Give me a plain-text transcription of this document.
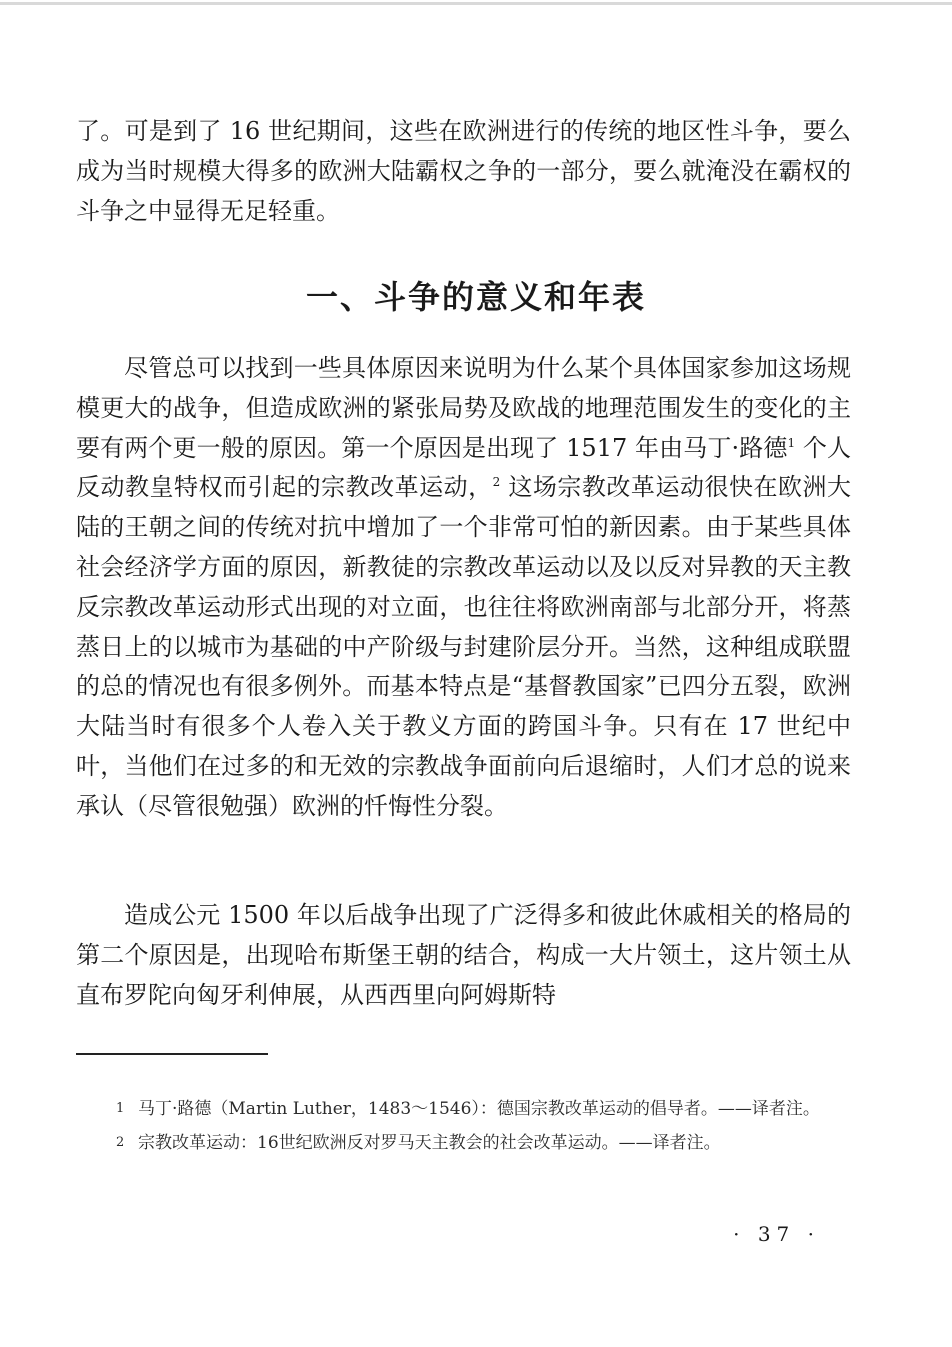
了。可是到了 16 世纪期间，这些在欧洲进行的传统的地区性斗争，要么成为当时规模大得多的欧洲大陆霸权之争的一部分，要么就淹没在霸权的斗争之中显得无足轻重。

一、斗争的意义和年表

尽管总可以找到一些具体原因来说明为什么某个具体国家参加这场规模更大的战争，但造成欧洲的紧张局势及欧战的地理范围发生的变化的主要有两个更一般的原因。第一个原因是出现了 1517 年由马丁·路德$^1$ 个人反动教皇特权而引起的宗教改革运动，$^2$ 这场宗教改革运动很快在欧洲大陆的王朝之间的传统对抗中增加了一个非常可怕的新因素。由于某些具体社会经济学方面的原因，新教徒的宗教改革运动以及以反对异教的天主教反宗教改革运动形式出现的对立面，也往往将欧洲南部与北部分开，将蒸蒸日上的以城市为基础的中产阶级与封建阶层分开。当然，这种组成联盟的总的情况也有很多例外。而基本特点是“基督教国家”已四分五裂，欧洲大陆当时有很多个人卷入关于教义方面的跨国斗争。只有在 17 世纪中叶，当他们在过多的和无效的宗教战争面前向后退缩时，人们才总的说来承认（尽管很勉强）欧洲的忏悔性分裂。

造成公元 1500 年以后战争出现了广泛得多和彼此休戚相关的格局的第二个原因是，出现哈布斯堡王朝的结合，构成一大片领土，这片领土从直布罗陀向匈牙利伸展，从西西里向阿姆斯特

1 马丁·路德（Martin Luther，1483～1546）：德国宗教改革运动的倡导者。——译者注。

2 宗教改革运动：16世纪欧洲反对罗马天主教会的社会改革运动。——译者注。

· 37 ·
